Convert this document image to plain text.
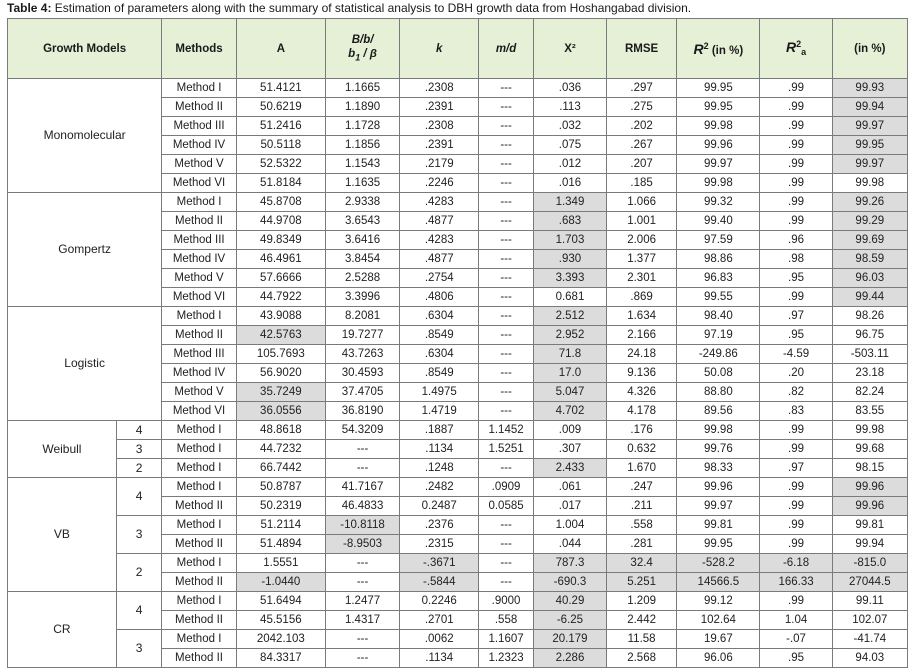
Table 4: Estimation of parameters along with the summary of statistical analysis to DBH growth data from Hoshangabad division.
Growth Models		Methods	A	B/b/
$b_1$ / β	k	m/d	X²	RMSE	$R^2$ (in %)	$R^2_a$	(in %)
Monomolecular		Method I	51.4121	1.1665	.2308	---	.036	.297	99.95	.99	99.93
		Method II	50.6219	1.1890	.2391	---	.113	.275	99.95	.99	99.94
		Method III	51.2416	1.1728	.2308	---	.032	.202	99.98	.99	99.97
		Method IV	50.5118	1.1856	.2391	---	.075	.267	99.96	.99	99.95
		Method V	52.5322	1.1543	.2179	---	.012	.207	99.97	.99	99.97
		Method VI	51.8184	1.1635	.2246	---	.016	.185	99.98	.99	99.98
Gompertz		Method I	45.8708	2.9338	.4283	---	1.349	1.066	99.32	.99	99.26
		Method II	44.9708	3.6543	.4877	---	.683	1.001	99.40	.99	99.29
		Method III	49.8349	3.6416	.4283	---	1.703	2.006	97.59	.96	99.69
		Method IV	46.4961	3.8454	.4877	---	.930	1.377	98.86	.98	98.59
		Method V	57.6666	2.5288	.2754	---	3.393	2.301	96.83	.95	96.03
		Method VI	44.7922	3.3996	.4806	---	0.681	.869	99.55	.99	99.44
Logistic		Method I	43.9088	8.2081	.6304	---	2.512	1.634	98.40	.97	98.26
		Method II	42.5763	19.7277	.8549	---	2.952	2.166	97.19	.95	96.75
		Method III	105.7693	43.7263	.6304	---	71.8	24.18	-249.86	-4.59	-503.11
		Method IV	56.9020	30.4593	.8549	---	17.0	9.136	50.08	.20	23.18
		Method V	35.7249	37.4705	1.4975	---	5.047	4.326	88.80	.82	82.24
		Method VI	36.0556	36.8190	1.4719	---	4.702	4.178	89.56	.83	83.55
Weibull	4	Method I	48.8618	54.3209	.1887	1.1452	.009	.176	99.98	.99	99.98
	3	Method I	44.7232	---	.1134	1.5251	.307	0.632	99.76	.99	99.68
	2	Method I	66.7442	---	.1248	---	2.433	1.670	98.33	.97	98.15
VB	4	Method I	50.8787	41.7167	.2482	.0909	.061	.247	99.96	.99	99.96
		Method II	50.2319	46.4833	0.2487	0.0585	.017	.211	99.97	.99	99.96
	3	Method I	51.2114	-10.8118	.2376	---	1.004	.558	99.81	.99	99.81
		Method II	51.4894	-8.9503	.2315	---	.044	.281	99.95	.99	99.94
	2	Method I	1.5551	---	-.3671	---	787.3	32.4	-528.2	-6.18	-815.0
		Method II	-1.0440	---	-.5844	---	-690.3	5.251	14566.5	166.33	27044.5
CR	4	Method I	51.6494	1.2477	0.2246	.9000	40.29	1.209	99.12	.99	99.11
		Method II	45.5156	1.4317	.2701	.558	-6.25	2.442	102.64	1.04	102.07
	3	Method I	2042.103	---	.0062	1.1607	20.179	11.58	19.67	-.07	-41.74
		Method II	84.3317	---	.1134	1.2323	2.286	2.568	96.06	.95	94.03
